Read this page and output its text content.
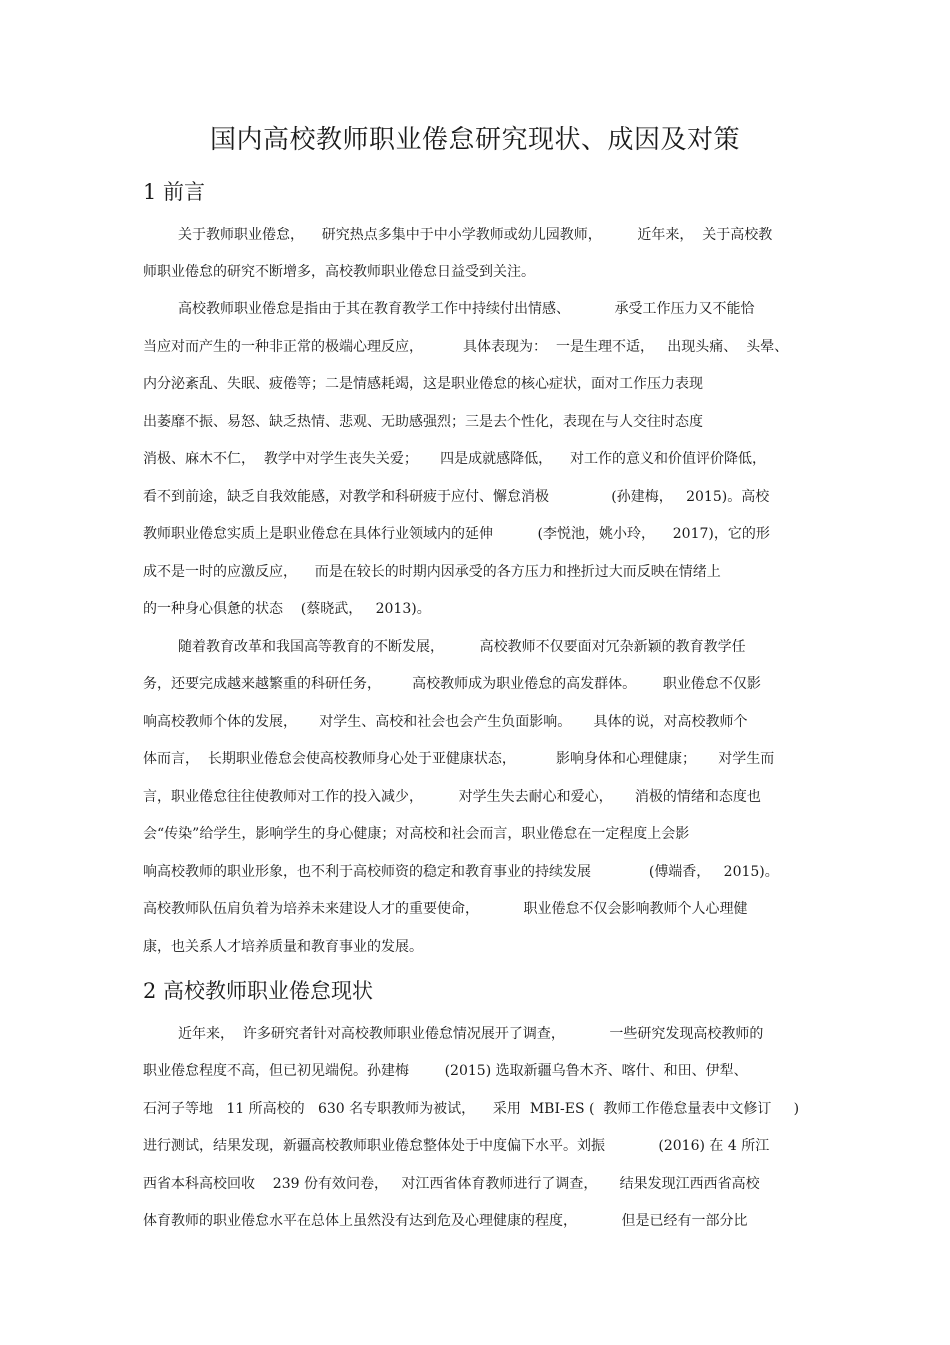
国内高校教师职业倦怠研究现状、成因及对策
1 前言
关于教师职业倦怠，    研究热点多集中于中小学教师或幼儿园教师，        近年来，  关于高校教
师职业倦怠的研究不断增多，高校教师职业倦怠日益受到关注。
高校教师职业倦怠是指由于其在教育教学工作中持续付出情感、          承受工作压力又不能恰
当应对而产生的一种非正常的极端心理反应，         具体表现为：  一是生理不适，   出现头痛、  头晕、
内分泌紊乱、失眠、疲倦等；二是情感耗竭，这是职业倦怠的核心症状，面对工作压力表现
出萎靡不振、易怒、缺乏热情、悲观、无助感强烈；三是去个性化，表现在与人交往时态度
消极、麻木不仁，  教学中对学生丧失关爱；     四是成就感降低，    对工作的意义和价值评价降低，
看不到前途，缺乏自我效能感，对教学和科研疲于应付、懈怠消极              (孙建梅，   2015)。高校
教师职业倦怠实质上是职业倦怠在具体行业领域内的延伸          (李悦池，姚小玲，    2017)，它的形
成不是一时的应激反应，    而是在较长的时期内因承受的各方压力和挫折过大而反映在情绪上
的一种身心俱惫的状态    (蔡晓武，   2013)。
随着教育改革和我国高等教育的不断发展，        高校教师不仅要面对冗杂新颖的教育教学任
务，还要完成越来越繁重的科研任务，       高校教师成为职业倦怠的高发群体。      职业倦怠不仅影
响高校教师个体的发展，     对学生、高校和社会也会产生负面影响。     具体的说，对高校教师个
体而言，  长期职业倦怠会使高校教师身心处于亚健康状态，         影响身体和心理健康；     对学生而
言，职业倦怠往往使教师对工作的投入减少，        对学生失去耐心和爱心，     消极的情绪和态度也
会“传染”给学生，影响学生的身心健康；对高校和社会而言，职业倦怠在一定程度上会影
响高校教师的职业形象，也不利于高校师资的稳定和教育事业的持续发展             (傅端香，   2015)。
高校教师队伍肩负着为培养未来建设人才的重要使命，          职业倦怠不仅会影响教师个人心理健
康，也关系人才培养质量和教育事业的发展。
2 高校教师职业倦怠现状
近年来，  许多研究者针对高校教师职业倦怠情况展开了调查，          一些研究发现高校教师的
职业倦怠程度不高，但已初见端倪。孙建梅        (2015) 选取新疆乌鲁木齐、喀什、和田、伊犁、
石河子等地   11 所高校的   630 名专职教师为被试，    采用  MBI-ES (  教师工作倦怠量表中文修订     )
进行测试，结果发现，新疆高校教师职业倦怠整体处于中度偏下水平。刘振            (2016) 在 4 所江
西省本科高校回收    239 份有效问卷，   对江西省体育教师进行了调查，     结果发现江西西省高校
体育教师的职业倦怠水平在总体上虽然没有达到危及心理健康的程度，          但是已经有一部分比
